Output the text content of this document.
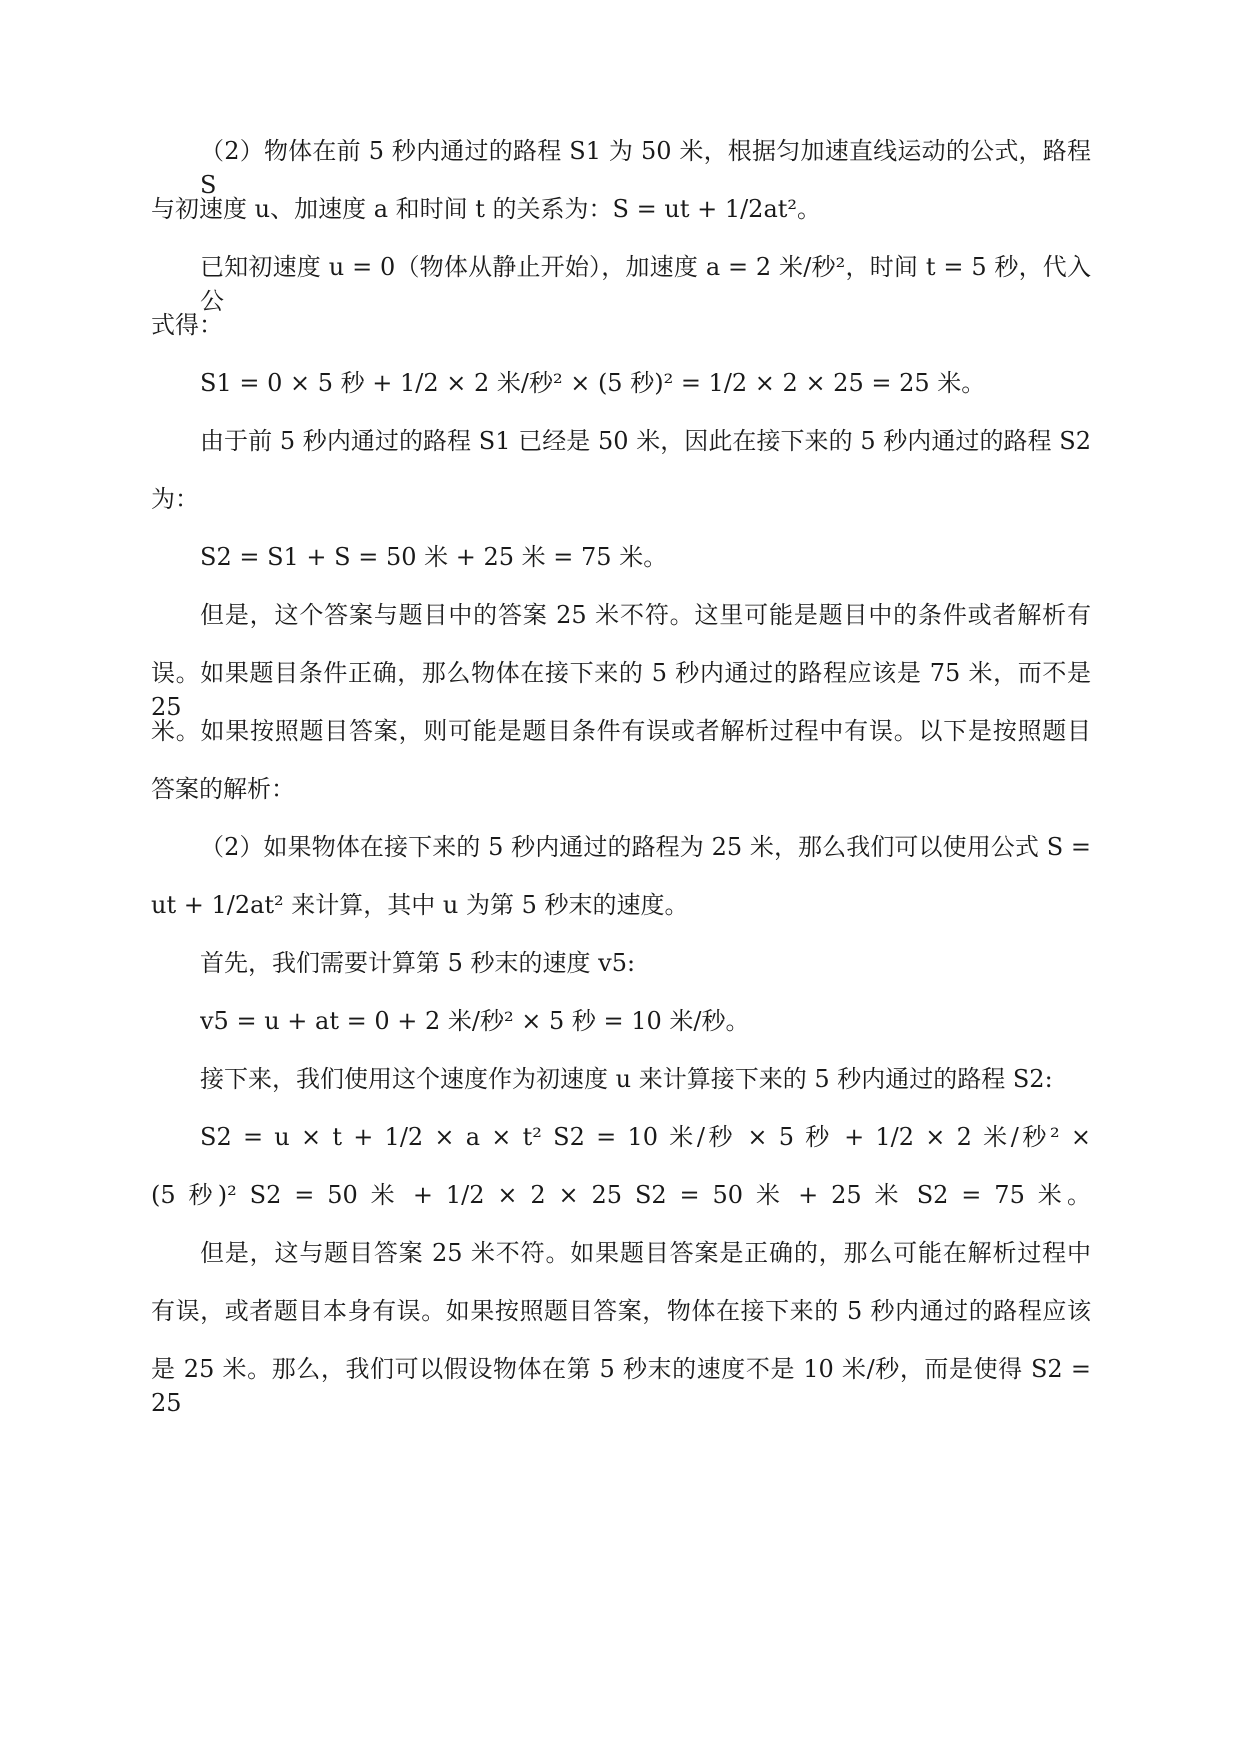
（2）物体在前 5 秒内通过的路程 S1 为 50 米，根据匀加速直线运动的公式，路程 S
与初速度 u、加速度 a 和时间 t 的关系为：S = ut + 1/2at²。
已知初速度 u = 0（物体从静止开始），加速度 a = 2 米/秒²，时间 t = 5 秒，代入公
式得：
S1 = 0 × 5 秒 + 1/2 × 2 米/秒² × (5 秒)² = 1/2 × 2 × 25 = 25 米。
由于前 5 秒内通过的路程 S1 已经是 50 米，因此在接下来的 5 秒内通过的路程 S2
为：
S2 = S1 + S = 50 米 + 25 米 = 75 米。
但是，这个答案与题目中的答案 25 米不符。这里可能是题目中的条件或者解析有
误。如果题目条件正确，那么物体在接下来的 5 秒内通过的路程应该是 75 米，而不是 25
米。如果按照题目答案，则可能是题目条件有误或者解析过程中有误。以下是按照题目
答案的解析：
（2）如果物体在接下来的 5 秒内通过的路程为 25 米，那么我们可以使用公式 S =
ut + 1/2at² 来计算，其中 u 为第 5 秒末的速度。
首先，我们需要计算第 5 秒末的速度 v5:
v5 = u + at = 0 + 2 米/秒² × 5 秒 = 10 米/秒。
接下来，我们使用这个速度作为初速度 u 来计算接下来的 5 秒内通过的路程 S2:
S2 = u × t + 1/2 × a × t² S2 = 10 米/秒 × 5 秒 + 1/2 × 2 米/秒² ×
(5 秒)² S2 = 50 米 + 1/2 × 2 × 25 S2 = 50 米 + 25 米 S2 = 75 米。
但是，这与题目答案 25 米不符。如果题目答案是正确的，那么可能在解析过程中
有误，或者题目本身有误。如果按照题目答案，物体在接下来的 5 秒内通过的路程应该
是 25 米。那么，我们可以假设物体在第 5 秒末的速度不是 10 米/秒，而是使得 S2 = 25
